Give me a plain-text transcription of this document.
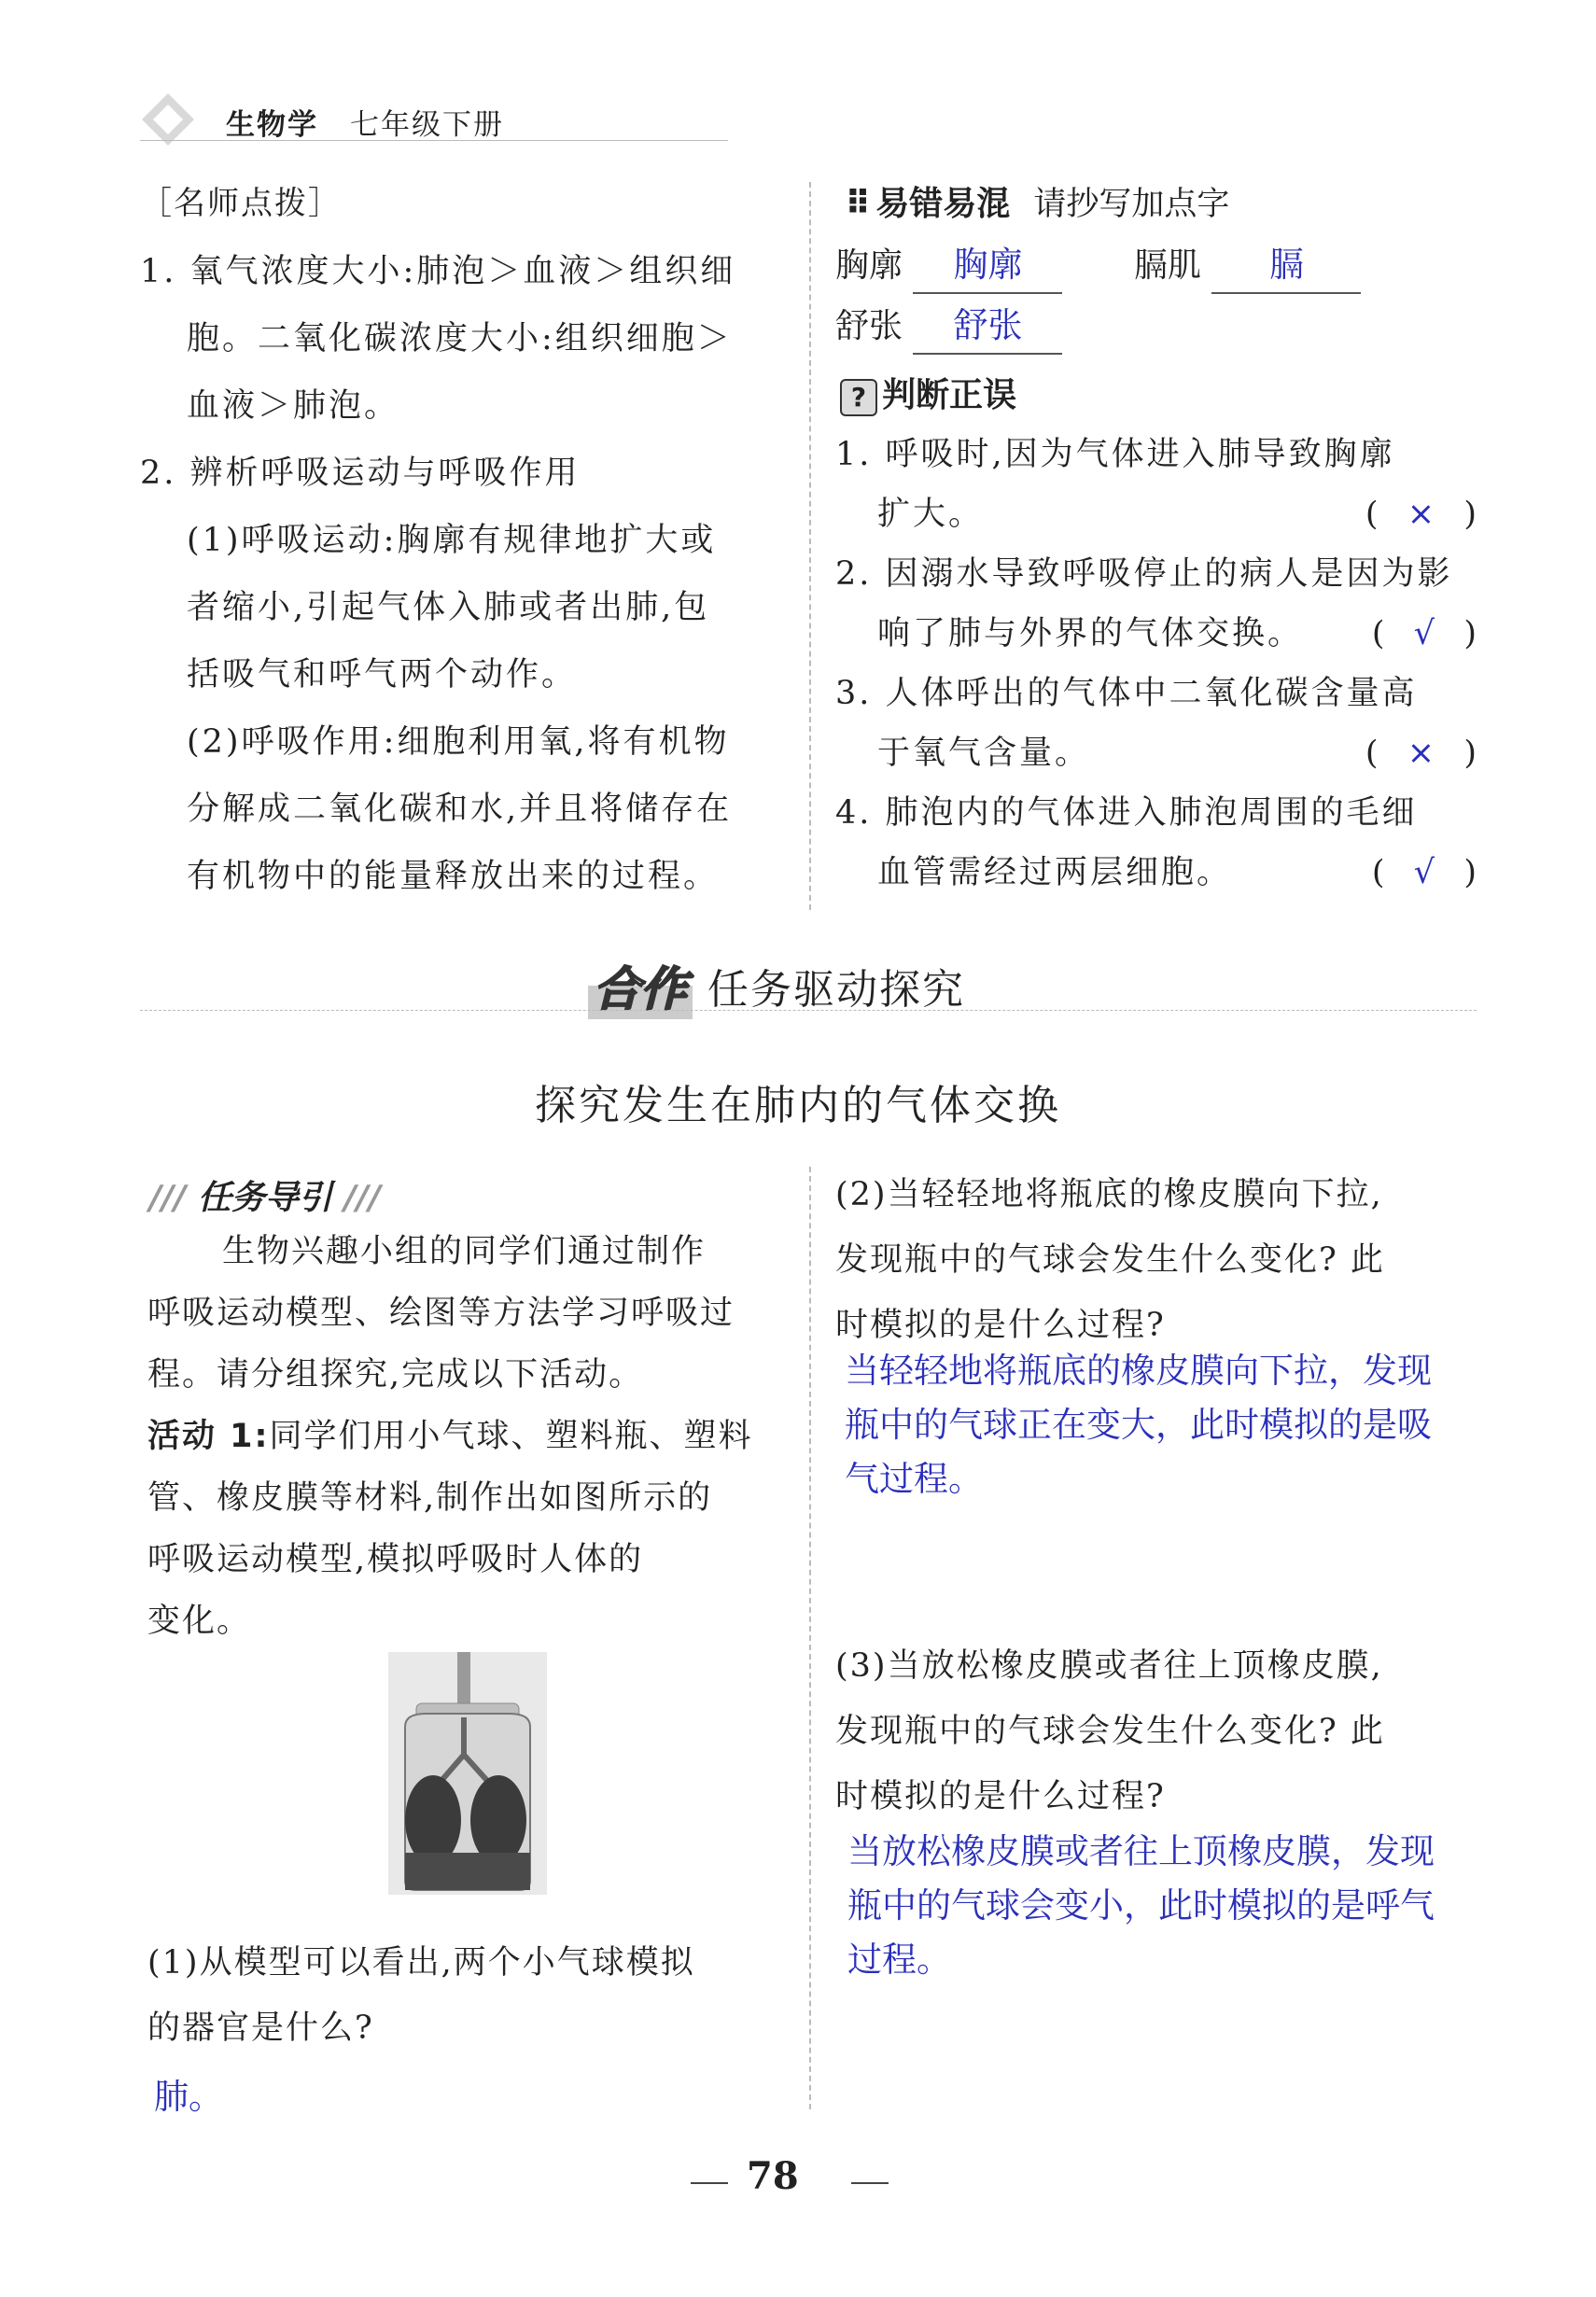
生物学 七年级下册
［名师点拨］
1. 氧气浓度大小:肺泡＞血液＞组织细
胞。二氧化碳浓度大小:组织细胞＞
血液＞肺泡。
2. 辨析呼吸运动与呼吸作用
(1)呼吸运动:胸廓有规律地扩大或
者缩小,引起气体入肺或者出肺,包
括吸气和呼气两个动作。
(2)呼吸作用:细胞利用氧,将有机物
分解成二氧化碳和水,并且将储存在
有机物中的能量释放出来的过程。
⠿ 易错易混 请抄写加点字
胸廓 胸廓	膈肌 膈
舒张 舒张
? 判断正误
1. 呼吸时,因为气体进入肺导致胸廓
扩大。	(  ×  )
2. 因溺水导致呼吸停止的病人是因为影
响了肺与外界的气体交换。 (  √  )
3. 人体呼出的气体中二氧化碳含量高
于氧气含量。	(  ×  )
4. 肺泡内的气体进入肺泡周围的毛细
血管需经过两层细胞。	(  √  )
合作 任务驱动探究
探究发生在肺内的气体交换
/// 任务导引 ///
生物兴趣小组的同学们通过制作
呼吸运动模型、绘图等方法学习呼吸过
程。请分组探究,完成以下活动。
活动 1:同学们用小气球、塑料瓶、塑料
管、橡皮膜等材料,制作出如图所示的
呼吸运动模型,模拟呼吸时人体的
变化。
(1)从模型可以看出,两个小气球模拟
的器官是什么?
肺。
(2)当轻轻地将瓶底的橡皮膜向下拉,
发现瓶中的气球会发生什么变化? 此
时模拟的是什么过程?
当轻轻地将瓶底的橡皮膜向下拉，发现
瓶中的气球正在变大，此时模拟的是吸
气过程。
(3)当放松橡皮膜或者往上顶橡皮膜,
发现瓶中的气球会发生什么变化? 此
时模拟的是什么过程?
当放松橡皮膜或者往上顶橡皮膜，发现
瓶中的气球会变小，此时模拟的是呼气
过程。
78
